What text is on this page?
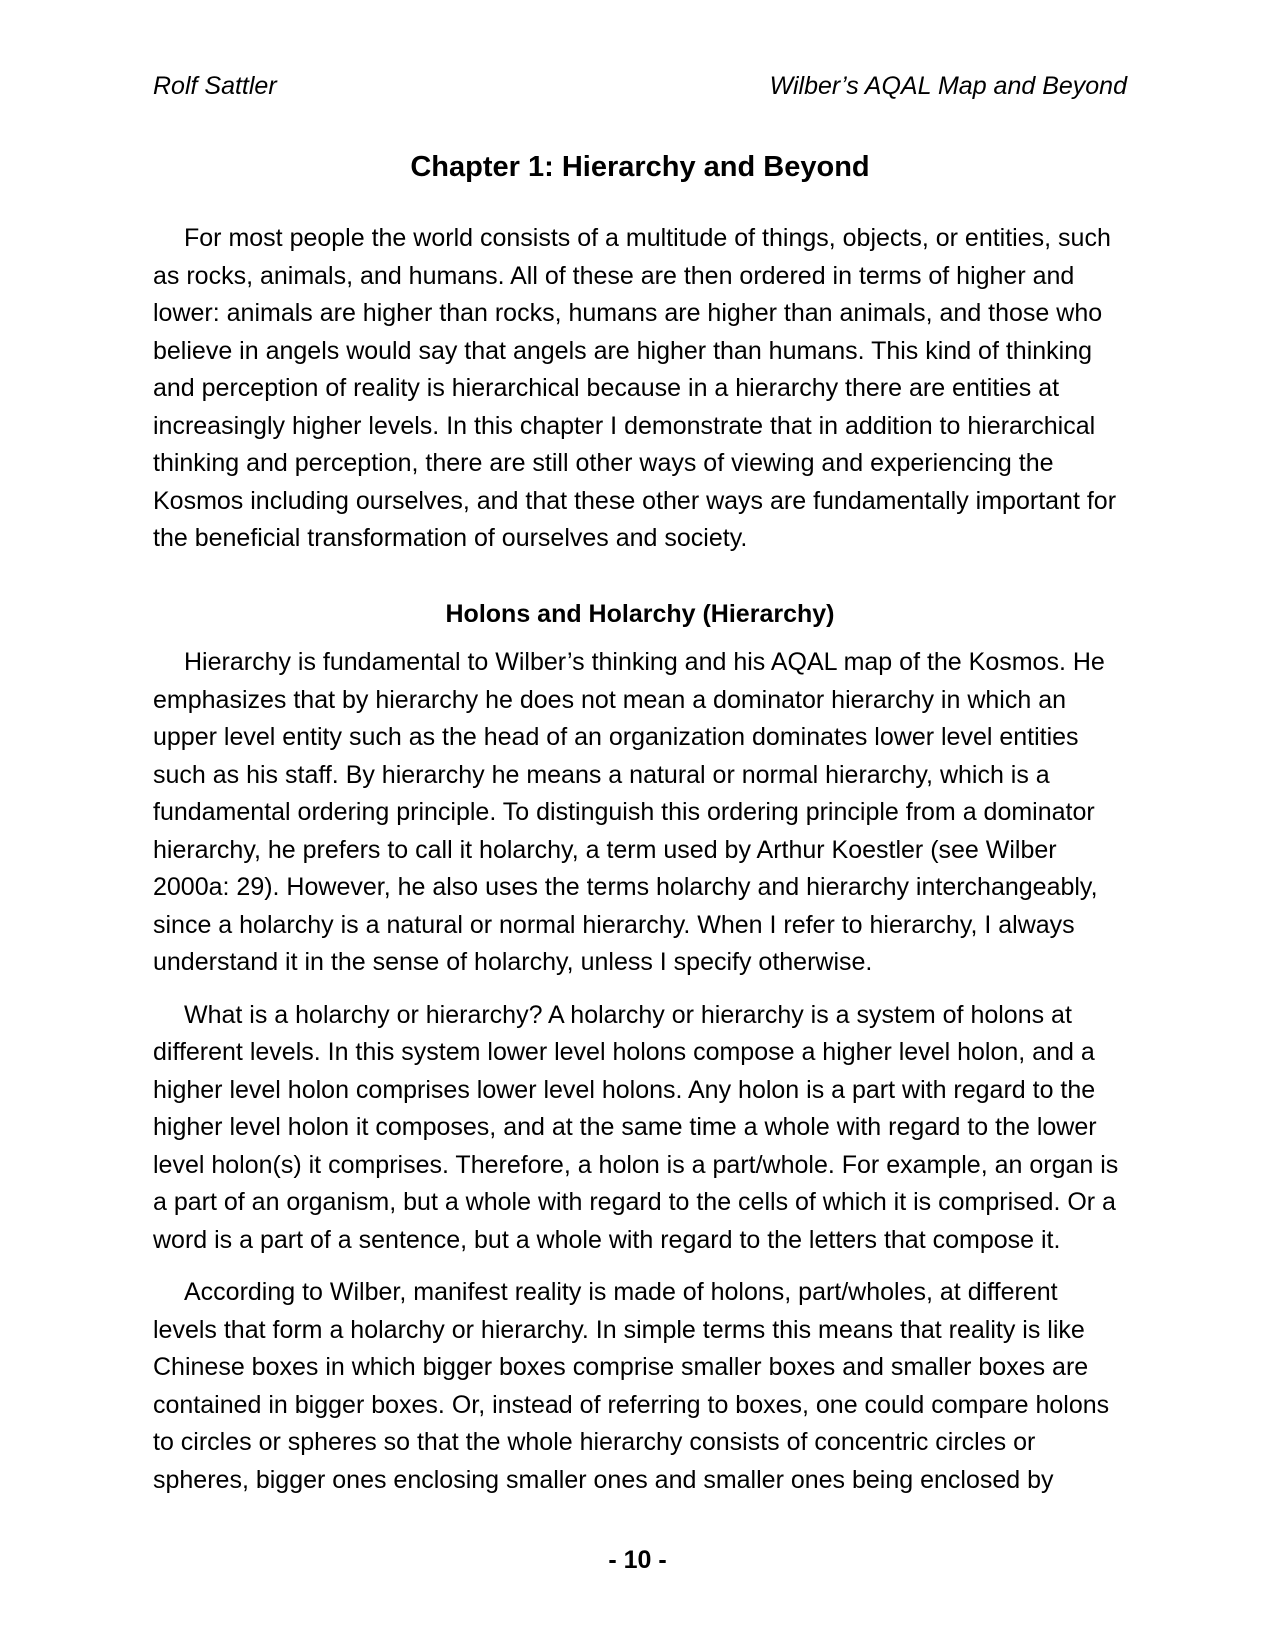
Rolf Sattler	Wilber’s AQAL Map and Beyond
Chapter 1: Hierarchy and Beyond

For most people the world consists of a multitude of things, objects, or entities, such as rocks, animals, and humans. All of these are then ordered in terms of higher and lower: animals are higher than rocks, humans are higher than animals, and those who believe in angels would say that angels are higher than humans. This kind of thinking and perception of reality is hierarchical because in a hierarchy there are entities at increasingly higher levels. In this chapter I demonstrate that in addition to hierarchical thinking and perception, there are still other ways of viewing and experiencing the Kosmos including ourselves, and that these other ways are fundamentally important for the beneficial transformation of ourselves and society.

Holons and Holarchy (Hierarchy)

Hierarchy is fundamental to Wilber’s thinking and his AQAL map of the Kosmos. He emphasizes that by hierarchy he does not mean a dominator hierarchy in which an upper level entity such as the head of an organization dominates lower level entities such as his staff. By hierarchy he means a natural or normal hierarchy, which is a fundamental ordering principle. To distinguish this ordering principle from a dominator hierarchy, he prefers to call it holarchy, a term used by Arthur Koestler (see Wilber 2000a: 29). However, he also uses the terms holarchy and hierarchy interchangeably, since a holarchy is a natural or normal hierarchy. When I refer to hierarchy, I always understand it in the sense of holarchy, unless I specify otherwise.

What is a holarchy or hierarchy? A holarchy or hierarchy is a system of holons at different levels. In this system lower level holons compose a higher level holon, and a higher level holon comprises lower level holons. Any holon is a part with regard to the higher level holon it composes, and at the same time a whole with regard to the lower level holon(s) it comprises. Therefore, a holon is a part/whole. For example, an organ is a part of an organism, but a whole with regard to the cells of which it is comprised. Or a word is a part of a sentence, but a whole with regard to the letters that compose it.

According to Wilber, manifest reality is made of holons, part/wholes, at different levels that form a holarchy or hierarchy. In simple terms this means that reality is like Chinese boxes in which bigger boxes comprise smaller boxes and smaller boxes are contained in bigger boxes. Or, instead of referring to boxes, one could compare holons to circles or spheres so that the whole hierarchy consists of concentric circles or spheres, bigger ones enclosing smaller ones and smaller ones being enclosed by

- 10 -
